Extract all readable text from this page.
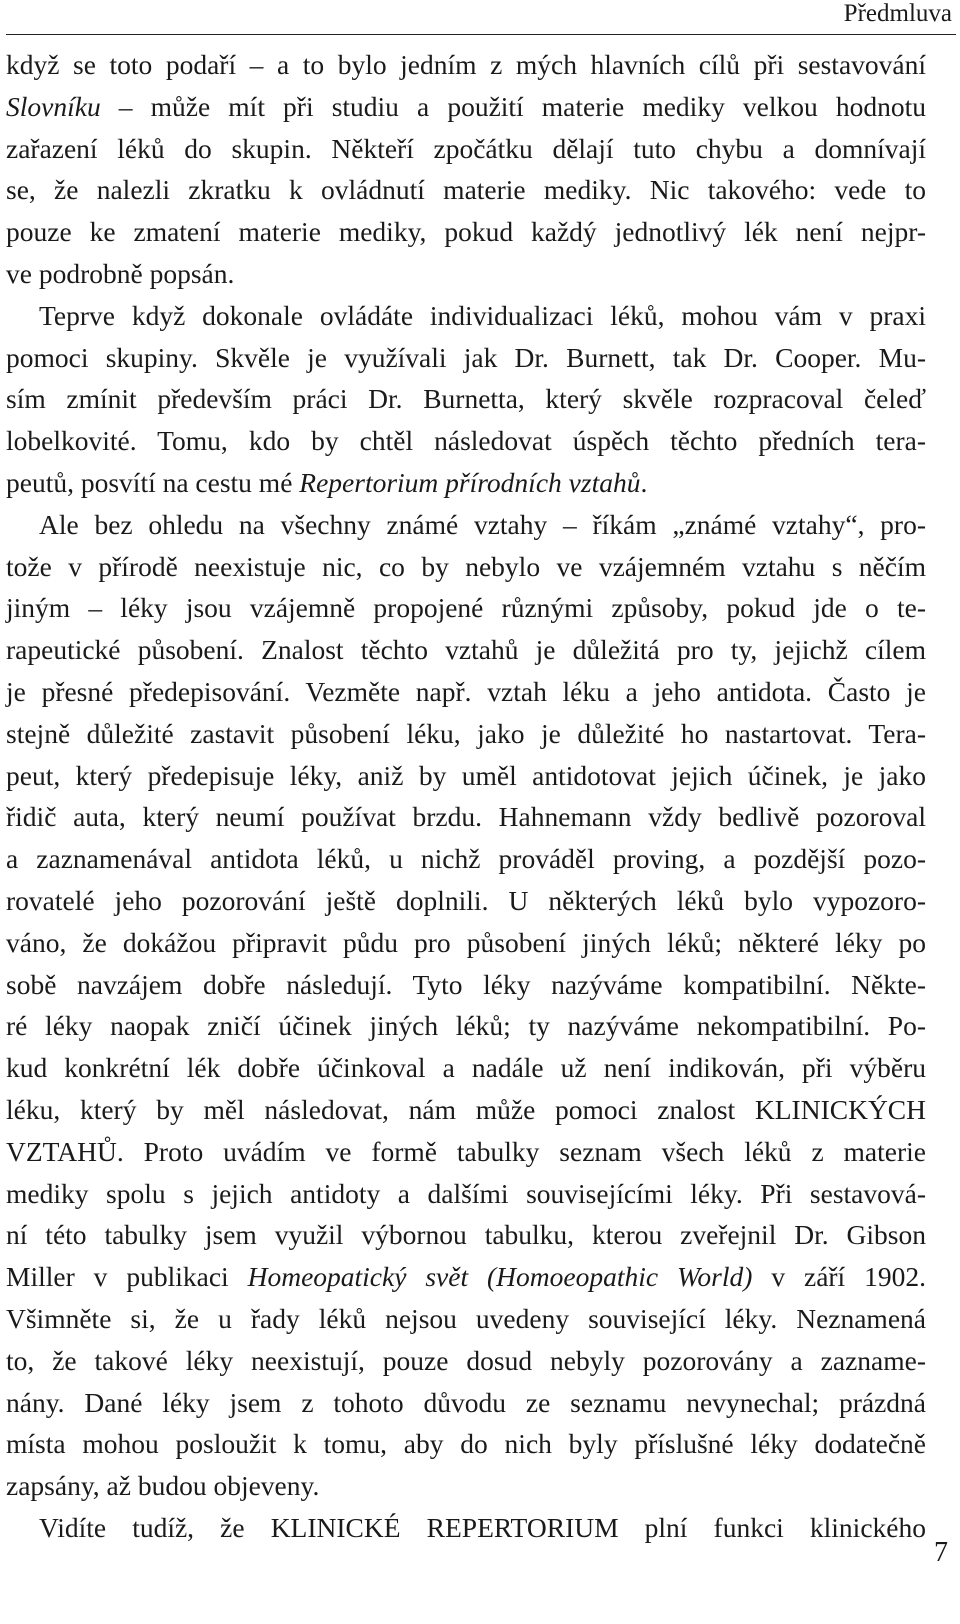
Předmluva
když se toto podaří – a to bylo jedním z mých hlavních cílů při sestavování
Slovníku – může mít při studiu a použití materie mediky velkou hodnotu
zařazení léků do skupin. Někteří zpočátku dělají tuto chybu a domnívají
se, že nalezli zkratku k ovládnutí materie mediky. Nic takového: vede to
pouze ke zmatení materie mediky, pokud každý jednotlivý lék není nejpr-
ve podrobně popsán.
Teprve když dokonale ovládáte individualizaci léků, mohou vám v praxi
pomoci skupiny. Skvěle je využívali jak Dr. Burnett, tak Dr. Cooper. Mu-
sím zmínit především práci Dr. Burnetta, který skvěle rozpracoval čeleď
lobelkovité. Tomu, kdo by chtěl následovat úspěch těchto předních tera-
peutů, posvítí na cestu mé Repertorium přírodních vztahů.
Ale bez ohledu na všechny známé vztahy – říkám „známé vztahy“, pro-
tože v přírodě neexistuje nic, co by nebylo ve vzájemném vztahu s něčím
jiným – léky jsou vzájemně propojené různými způsoby, pokud jde o te-
rapeutické působení. Znalost těchto vztahů je důležitá pro ty, jejichž cílem
je přesné předepisování. Vezměte např. vztah léku a jeho antidota. Často je
stejně důležité zastavit působení léku, jako je důležité ho nastartovat. Tera-
peut, který předepisuje léky, aniž by uměl antidotovat jejich účinek, je jako
řidič auta, který neumí používat brzdu. Hahnemann vždy bedlivě pozoroval
a zaznamenával antidota léků, u nichž prováděl proving, a pozdější pozo-
rovatelé jeho pozorování ještě doplnili. U některých léků bylo vypozoro-
váno, že dokážou připravit půdu pro působení jiných léků; některé léky po
sobě navzájem dobře následují. Tyto léky nazýváme kompatibilní. Někte-
ré léky naopak zničí účinek jiných léků; ty nazýváme nekompatibilní. Po-
kud konkrétní lék dobře účinkoval a nadále už není indikován, při výběru
léku, který by měl následovat, nám může pomoci znalost KLINICKÝCH
VZTAHŮ. Proto uvádím ve formě tabulky seznam všech léků z materie
mediky spolu s jejich antidoty a dalšími souvisejícími léky. Při sestavová-
ní této tabulky jsem využil výbornou tabulku, kterou zveřejnil Dr. Gibson
Miller v publikaci Homeopatický svět (Homoeopathic World) v září 1902.
Všimněte si, že u řady léků nejsou uvedeny související léky. Neznamená
to, že takové léky neexistují, pouze dosud nebyly pozorovány a zazname-
nány. Dané léky jsem z tohoto důvodu ze seznamu nevynechal; prázdná
místa mohou posloužit k tomu, aby do nich byly příslušné léky dodatečně
zapsány, až budou objeveny.
Vidíte tudíž, že KLINICKÉ REPERTORIUM plní funkci klinického
7
